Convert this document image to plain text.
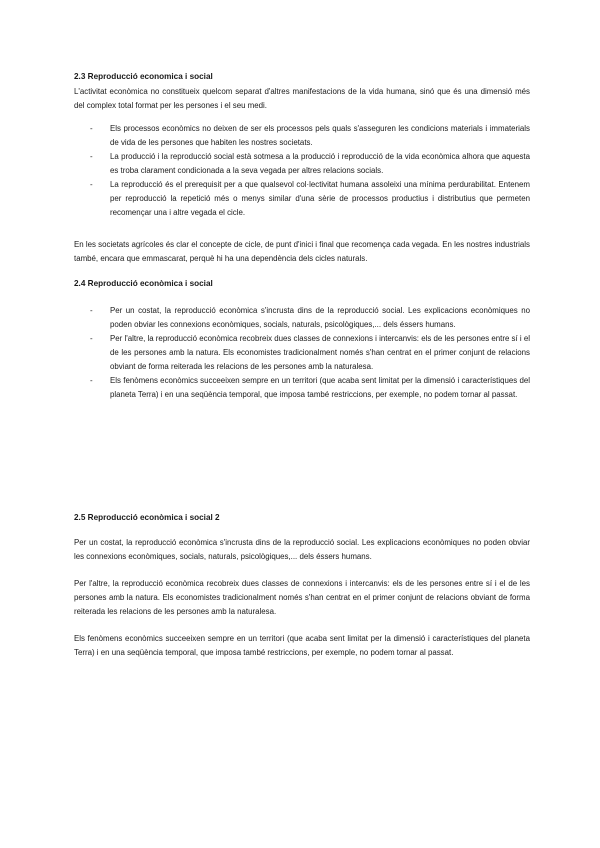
2.3 Reproducció economica i social

L'activitat econòmica no constitueix quelcom separat d'altres manifestacions de la vida humana, sinó que és una dimensió més del complex total format per les persones i el seu medi.

- Els processos econòmics no deixen de ser els processos pels quals s'asseguren les condicions materials i immaterials de vida de les persones que habiten les nostres societats.
- La producció i la reproducció social està sotmesa a la producció i reproducció de la vida econòmica alhora que aquesta es troba clarament condicionada a la seva vegada per altres relacions socials.
- La reproducció és el prerequisit per a que qualsevol col·lectivitat humana assoleixi una mínima perdurabilitat. Entenem per reproducció la repetició més o menys similar d'una sèrie de processos productius i distributius que permeten recomençar una i altre vegada el cicle.

En les societats agrícoles és clar el concepte de cicle, de punt d'inici i final que recomença cada vegada. En les nostres industrials també, encara que emmascarat, perquè hi ha una dependència dels cicles naturals.

2.4 Reproducció econòmica i social
- Per un costat, la reproducció econòmica s'incrusta dins de la reproducció social. Les explicacions econòmiques no poden obviar les connexions econòmiques, socials, naturals, psicològiques,... dels éssers humans.
- Per l'altre, la reproducció econòmica recobreix dues classes de connexions i intercanvis: els de les persones entre sí i el de les persones amb la natura. Els economistes tradicionalment només s'han centrat en el primer conjunt de relacions obviant de forma reiterada les relacions de les persones amb la naturalesa.
- Els fenòmens econòmics succeeixen sempre en un territori (que acaba sent limitat per la dimensió i característiques del planeta Terra) i en una seqüència temporal, que imposa també restriccions, per exemple, no podem tornar al passat.
2.5 Reproducció econòmica i social 2

Per un costat, la reproducció econòmica s'incrusta dins de la reproducció social. Les explicacions econòmiques no poden obviar les connexions econòmiques, socials, naturals, psicològiques,... dels éssers humans.

Per l'altre, la reproducció econòmica recobreix dues classes de connexions i intercanvis: els de les persones entre sí i el de les persones amb la natura. Els economistes tradicionalment només s'han centrat en el primer conjunt de relacions obviant de forma reiterada les relacions de les persones amb la naturalesa.

Els fenòmens econòmics succeeixen sempre en un territori (que acaba sent limitat per la dimensió i característiques del planeta Terra) i en una seqüència temporal, que imposa també restriccions, per exemple, no podem tornar al passat.
